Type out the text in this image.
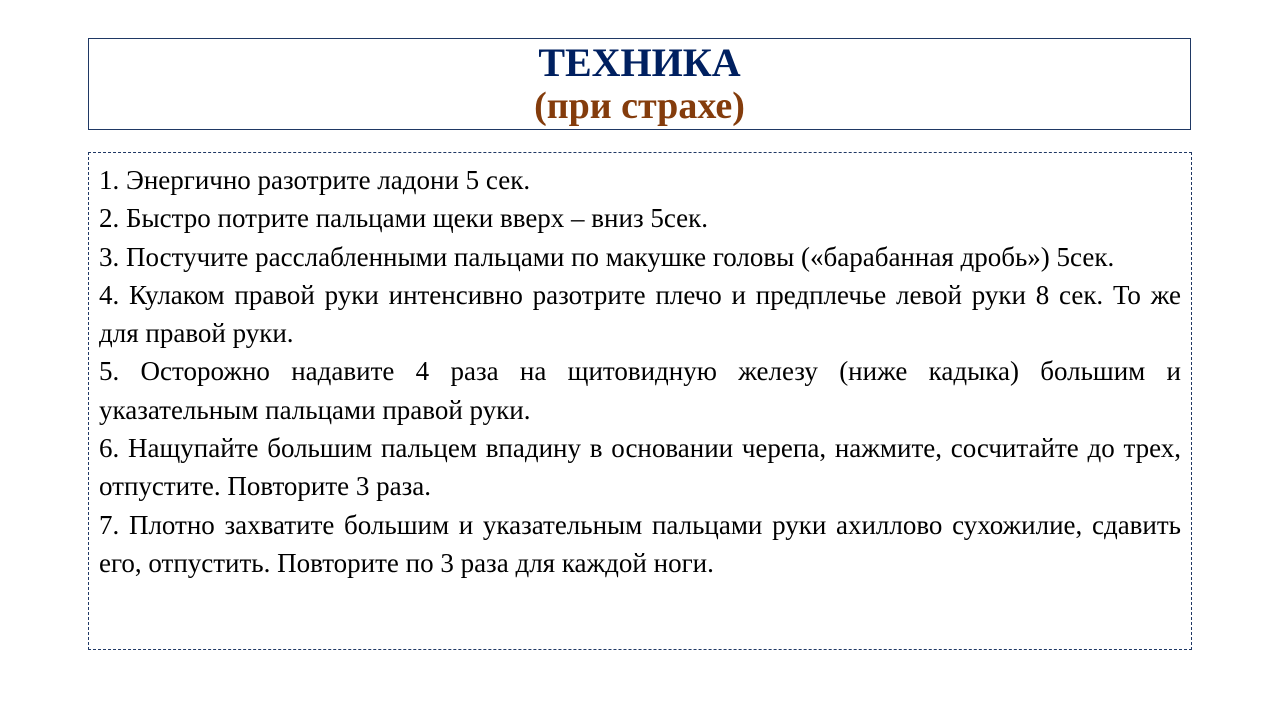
ТЕХНИКА
(при страхе)
1. Энергично разотрите ладони 5 сек.
2. Быстро потрите пальцами щеки вверх – вниз 5сек.
3. Постучите расслабленными пальцами по макушке головы («барабанная дробь») 5сек.
4. Кулаком правой руки интенсивно разотрите плечо и предплечье левой руки 8 сек. То же для правой руки.
5. Осторожно надавите 4 раза на щитовидную железу (ниже кадыка) большим и указательным пальцами правой руки.
6. Нащупайте большим пальцем впадину в основании черепа, нажмите, сосчитайте до трех, отпустите. Повторите 3 раза.
7. Плотно захватите большим и указательным пальцами руки ахиллово сухожилие, сдавить его, отпустить. Повторите по 3 раза для каждой ноги.
